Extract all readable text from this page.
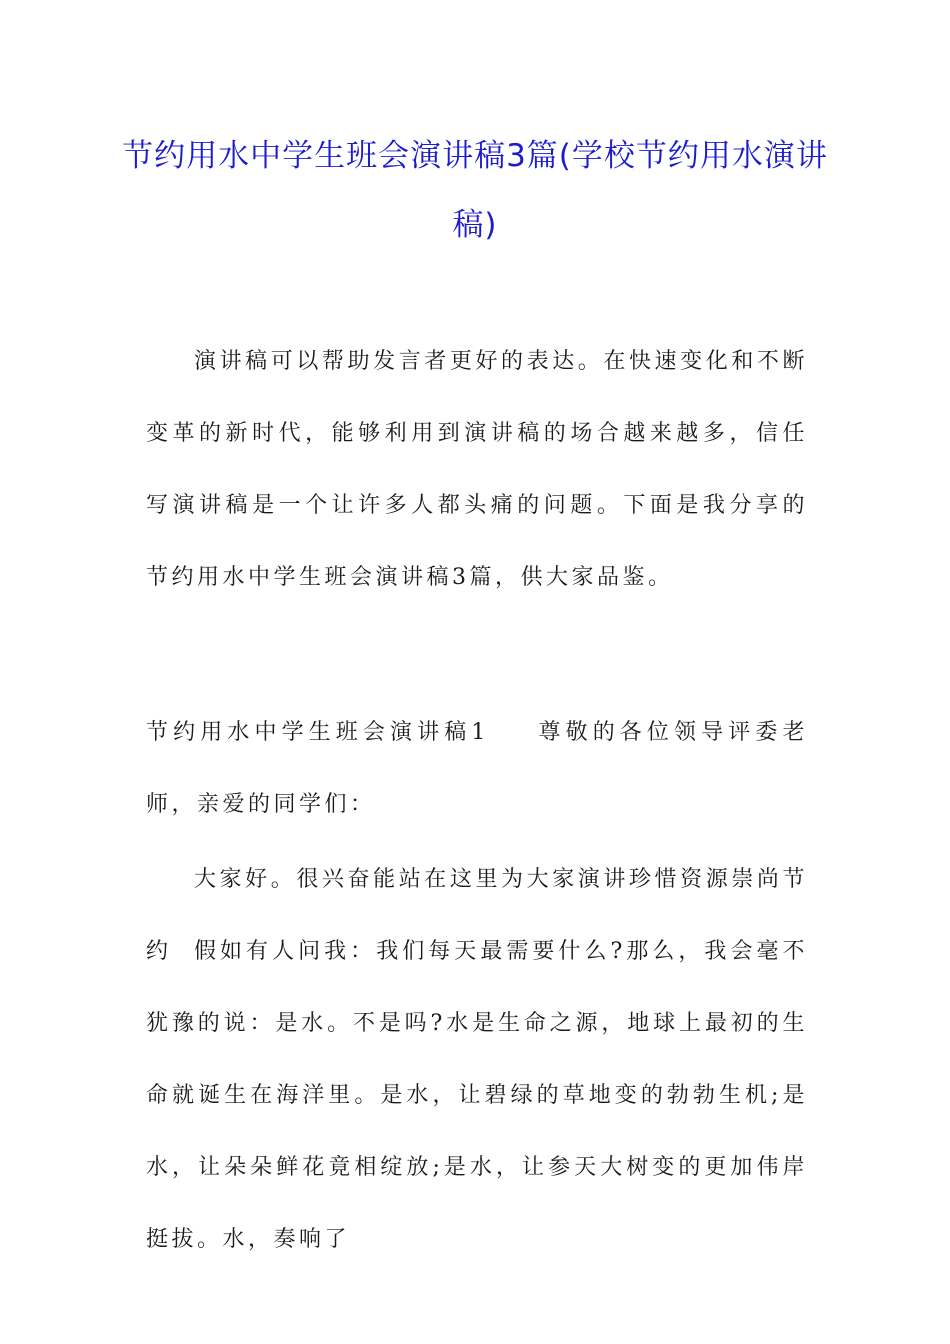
节约用水中学生班会演讲稿3篇(学校节约用水演讲稿)

演讲稿可以帮助发言者更好的表达。在快速变化和不断变革的新时代，能够利用到演讲稿的场合越来越多，信任写演讲稿是一个让许多人都头痛的问题。下面是我分享的节约用水中学生班会演讲稿3篇，供大家品鉴。

节约用水中学生班会演讲稿1 尊敬的各位领导评委老师，亲爱的同学们：

大家好。很兴奋能站在这里为大家演讲珍惜资源崇尚节约	假如有人问我：我们每天最需要什么?那么，我会毫不犹豫的说：是水。不是吗?水是生命之源，地球上最初的生命就诞生在海洋里。是水，让碧绿的草地变的勃勃生机;是水，让朵朵鲜花竟相绽放;是水，让参天大树变的更加伟岸挺拔。水，奏响了
